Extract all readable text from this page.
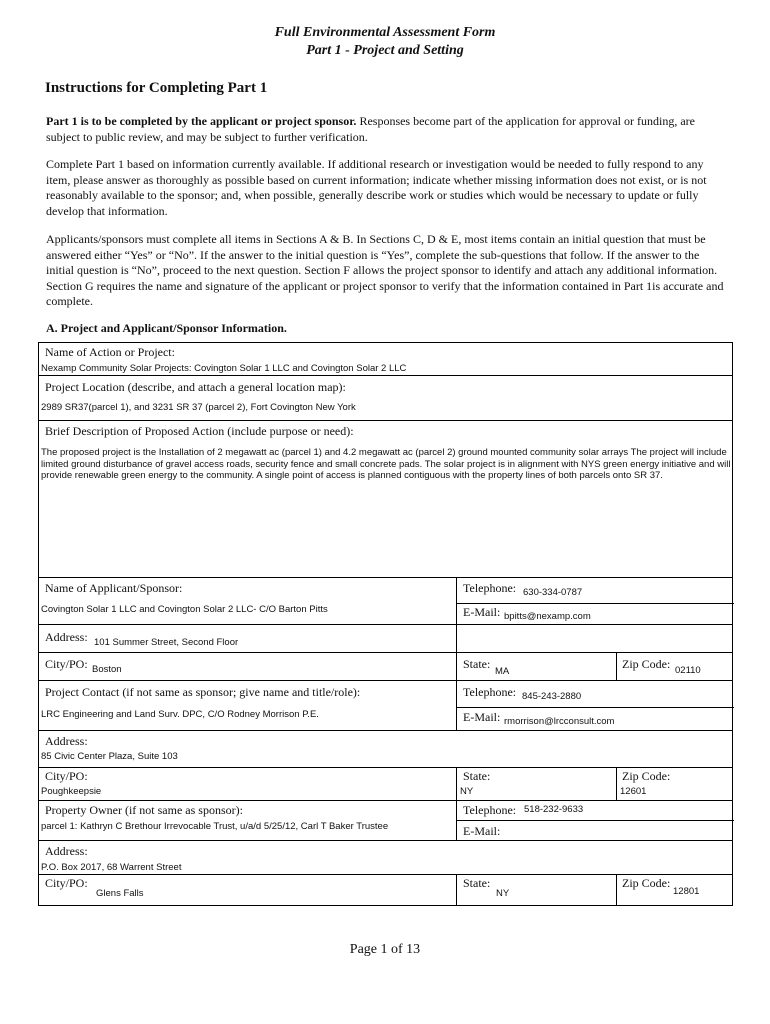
Full Environmental Assessment Form
Part 1 - Project and Setting
Instructions for Completing Part 1
Part 1 is to be completed by the applicant or project sponsor. Responses become part of the application for approval or funding, are subject to public review, and may be subject to further verification.
Complete Part 1 based on information currently available. If additional research or investigation would be needed to fully respond to any item, please answer as thoroughly as possible based on current information; indicate whether missing information does not exist, or is not reasonably available to the sponsor; and, when possible, generally describe work or studies which would be necessary to update or fully develop that information.
Applicants/sponsors must complete all items in Sections A & B. In Sections C, D & E, most items contain an initial question that must be answered either “Yes” or “No”. If the answer to the initial question is “Yes”, complete the sub-questions that follow. If the answer to the initial question is “No”, proceed to the next question. Section F allows the project sponsor to identify and attach any additional information. Section G requires the name and signature of the applicant or project sponsor to verify that the information contained in Part 1is accurate and complete.
A. Project and Applicant/Sponsor Information.
Name of Action or Project:
Nexamp Community Solar Projects: Covington Solar 1 LLC and Covington Solar 2 LLC
Project Location (describe, and attach a general location map):
2989 SR37(parcel 1), and 3231 SR 37 (parcel 2), Fort Covington New York
Brief Description of Proposed Action (include purpose or need):
The proposed project is the Installation of 2 megawatt ac (parcel 1) and 4.2 megawatt ac (parcel 2) ground mounted community solar arrays The project will include limited ground disturbance of gravel access roads, security fence and small concrete pads. The solar project is in alignment with NYS green energy initiative and will provide renewable green energy to the community. A single point of access is planned contiguous with the property lines of both parcels onto SR 37.
Name of Applicant/Sponsor:
Covington Solar 1 LLC and Covington Solar 2 LLC- C/O Barton Pitts
Telephone: 630-334-0787
E-Mail: bpitts@nexamp.com
Address: 101 Summer Street, Second Floor
City/PO: Boston	State:
MA
Zip Code: 02110
Project Contact (if not same as sponsor; give name and title/role):
LRC Engineering and Land Surv. DPC, C/O Rodney Morrison P.E.
Telephone: 845-243-2880
E-Mail: rmorrison@lrcconsult.com
Address:
85 Civic Center Plaza, Suite 103
City/PO:
Poughkeepsie
State:
NY
Zip Code:
12601
Property Owner (if not same as sponsor):
parcel 1: Kathryn C Brethour Irrevocable Trust, u/a/d 5/25/12, Carl T Baker Trustee
Telephone: 518-232-9633
E-Mail:
Address:
P.O. Box 2017, 68 Warrent Street
City/PO:
Glens Falls
State:
NY
Zip Code:
12801
Page 1 of 13
